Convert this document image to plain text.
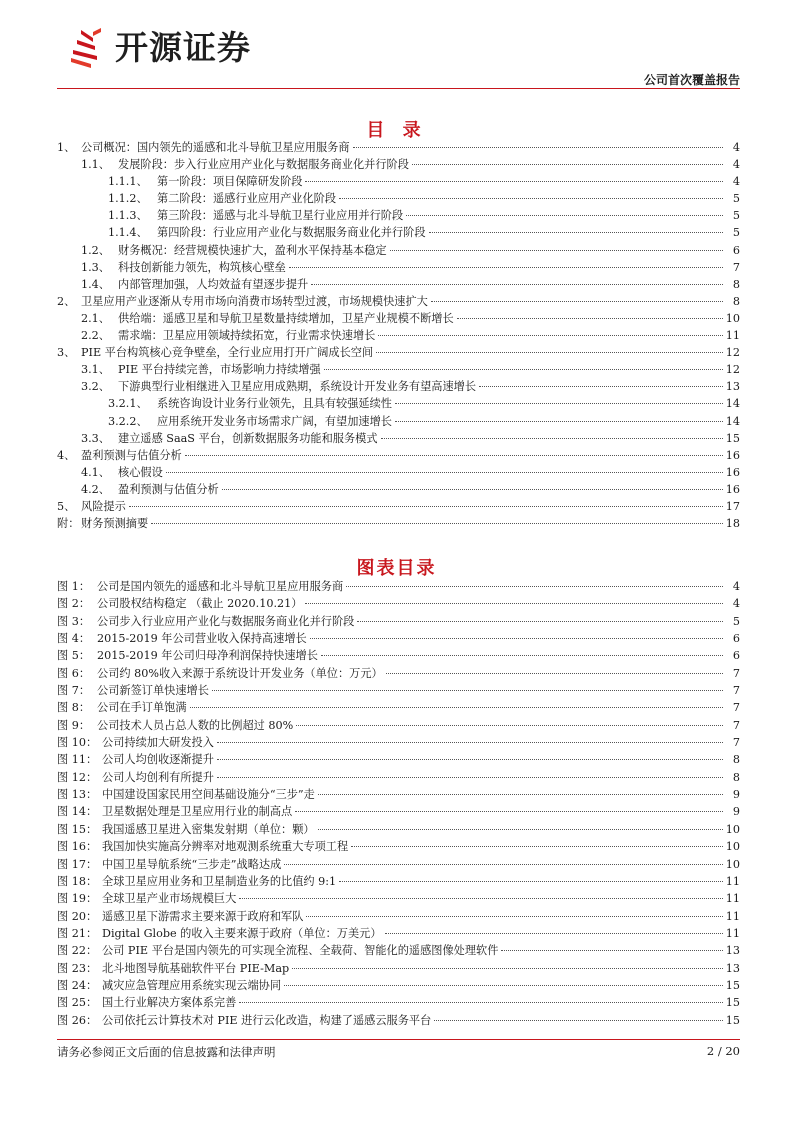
开源证券
公司首次覆盖报告
目 录
1、 公司概况：国内领先的遥感和北斗导航卫星应用服务商	4
1.1、 发展阶段：步入行业应用产业化与数据服务商业化并行阶段	4
1.1.1、 第一阶段：项目保障研发阶段	4
1.1.2、 第二阶段：遥感行业应用产业化阶段	5
1.1.3、 第三阶段：遥感与北斗导航卫星行业应用并行阶段	5
1.1.4、 第四阶段：行业应用产业化与数据服务商业化并行阶段	5
1.2、 财务概况：经营规模快速扩大，盈利水平保持基本稳定	6
1.3、 科技创新能力领先，构筑核心壁垒	7
1.4、 内部管理加强，人均效益有望逐步提升	8
2、 卫星应用产业逐渐从专用市场向消费市场转型过渡，市场规模快速扩大	8
2.1、 供给端：遥感卫星和导航卫星数量持续增加，卫星产业规模不断增长	10
2.2、 需求端：卫星应用领域持续拓宽，行业需求快速增长	11
3、 PIE 平台构筑核心竞争壁垒，全行业应用打开广阔成长空间	12
3.1、 PIE 平台持续完善，市场影响力持续增强	12
3.2、 下游典型行业相继进入卫星应用成熟期，系统设计开发业务有望高速增长	13
3.2.1、 系统咨询设计业务行业领先，且具有较强延续性	14
3.2.2、 应用系统开发业务市场需求广阔，有望加速增长	14
3.3、 建立遥感 SaaS 平台，创新数据服务功能和服务模式	15
4、 盈利预测与估值分析	16
4.1、 核心假设	16
4.2、 盈利预测与估值分析	16
5、 风险提示	17
附： 财务预测摘要	18
图表目录
图 1： 公司是国内领先的遥感和北斗导航卫星应用服务商	4
图 2： 公司股权结构稳定 （截止 2020.10.21）	4
图 3： 公司步入行业应用产业化与数据服务商业化并行阶段	5
图 4： 2015-2019 年公司营业收入保持高速增长	6
图 5： 2015-2019 年公司归母净利润保持快速增长	6
图 6： 公司约 80%收入来源于系统设计开发业务（单位：万元）	7
图 7： 公司新签订单快速增长	7
图 8： 公司在手订单饱满	7
图 9： 公司技术人员占总人数的比例超过 80%	7
图 10： 公司持续加大研发投入	7
图 11： 公司人均创收逐渐提升	8
图 12： 公司人均创利有所提升	8
图 13： 中国建设国家民用空间基础设施分“三步”走	9
图 14： 卫星数据处理是卫星应用行业的制高点	9
图 15： 我国遥感卫星进入密集发射期（单位：颗）	10
图 16： 我国加快实施高分辨率对地观测系统重大专项工程	10
图 17： 中国卫星导航系统“三步走”战略达成	10
图 18： 全球卫星应用业务和卫星制造业务的比值约 9:1	11
图 19： 全球卫星产业市场规模巨大	11
图 20： 遥感卫星下游需求主要来源于政府和军队	11
图 21： Digital Globe 的收入主要来源于政府（单位：万美元）	11
图 22： 公司 PIE 平台是国内领先的可实现全流程、全载荷、智能化的遥感图像处理软件	13
图 23： 北斗地图导航基础软件平台 PIE-Map	13
图 24： 减灾应急管理应用系统实现云端协同	15
图 25： 国土行业解决方案体系完善	15
图 26： 公司依托云计算技术对 PIE 进行云化改造，构建了遥感云服务平台	15
请务必参阅正文后面的信息披露和法律声明	2 / 20
